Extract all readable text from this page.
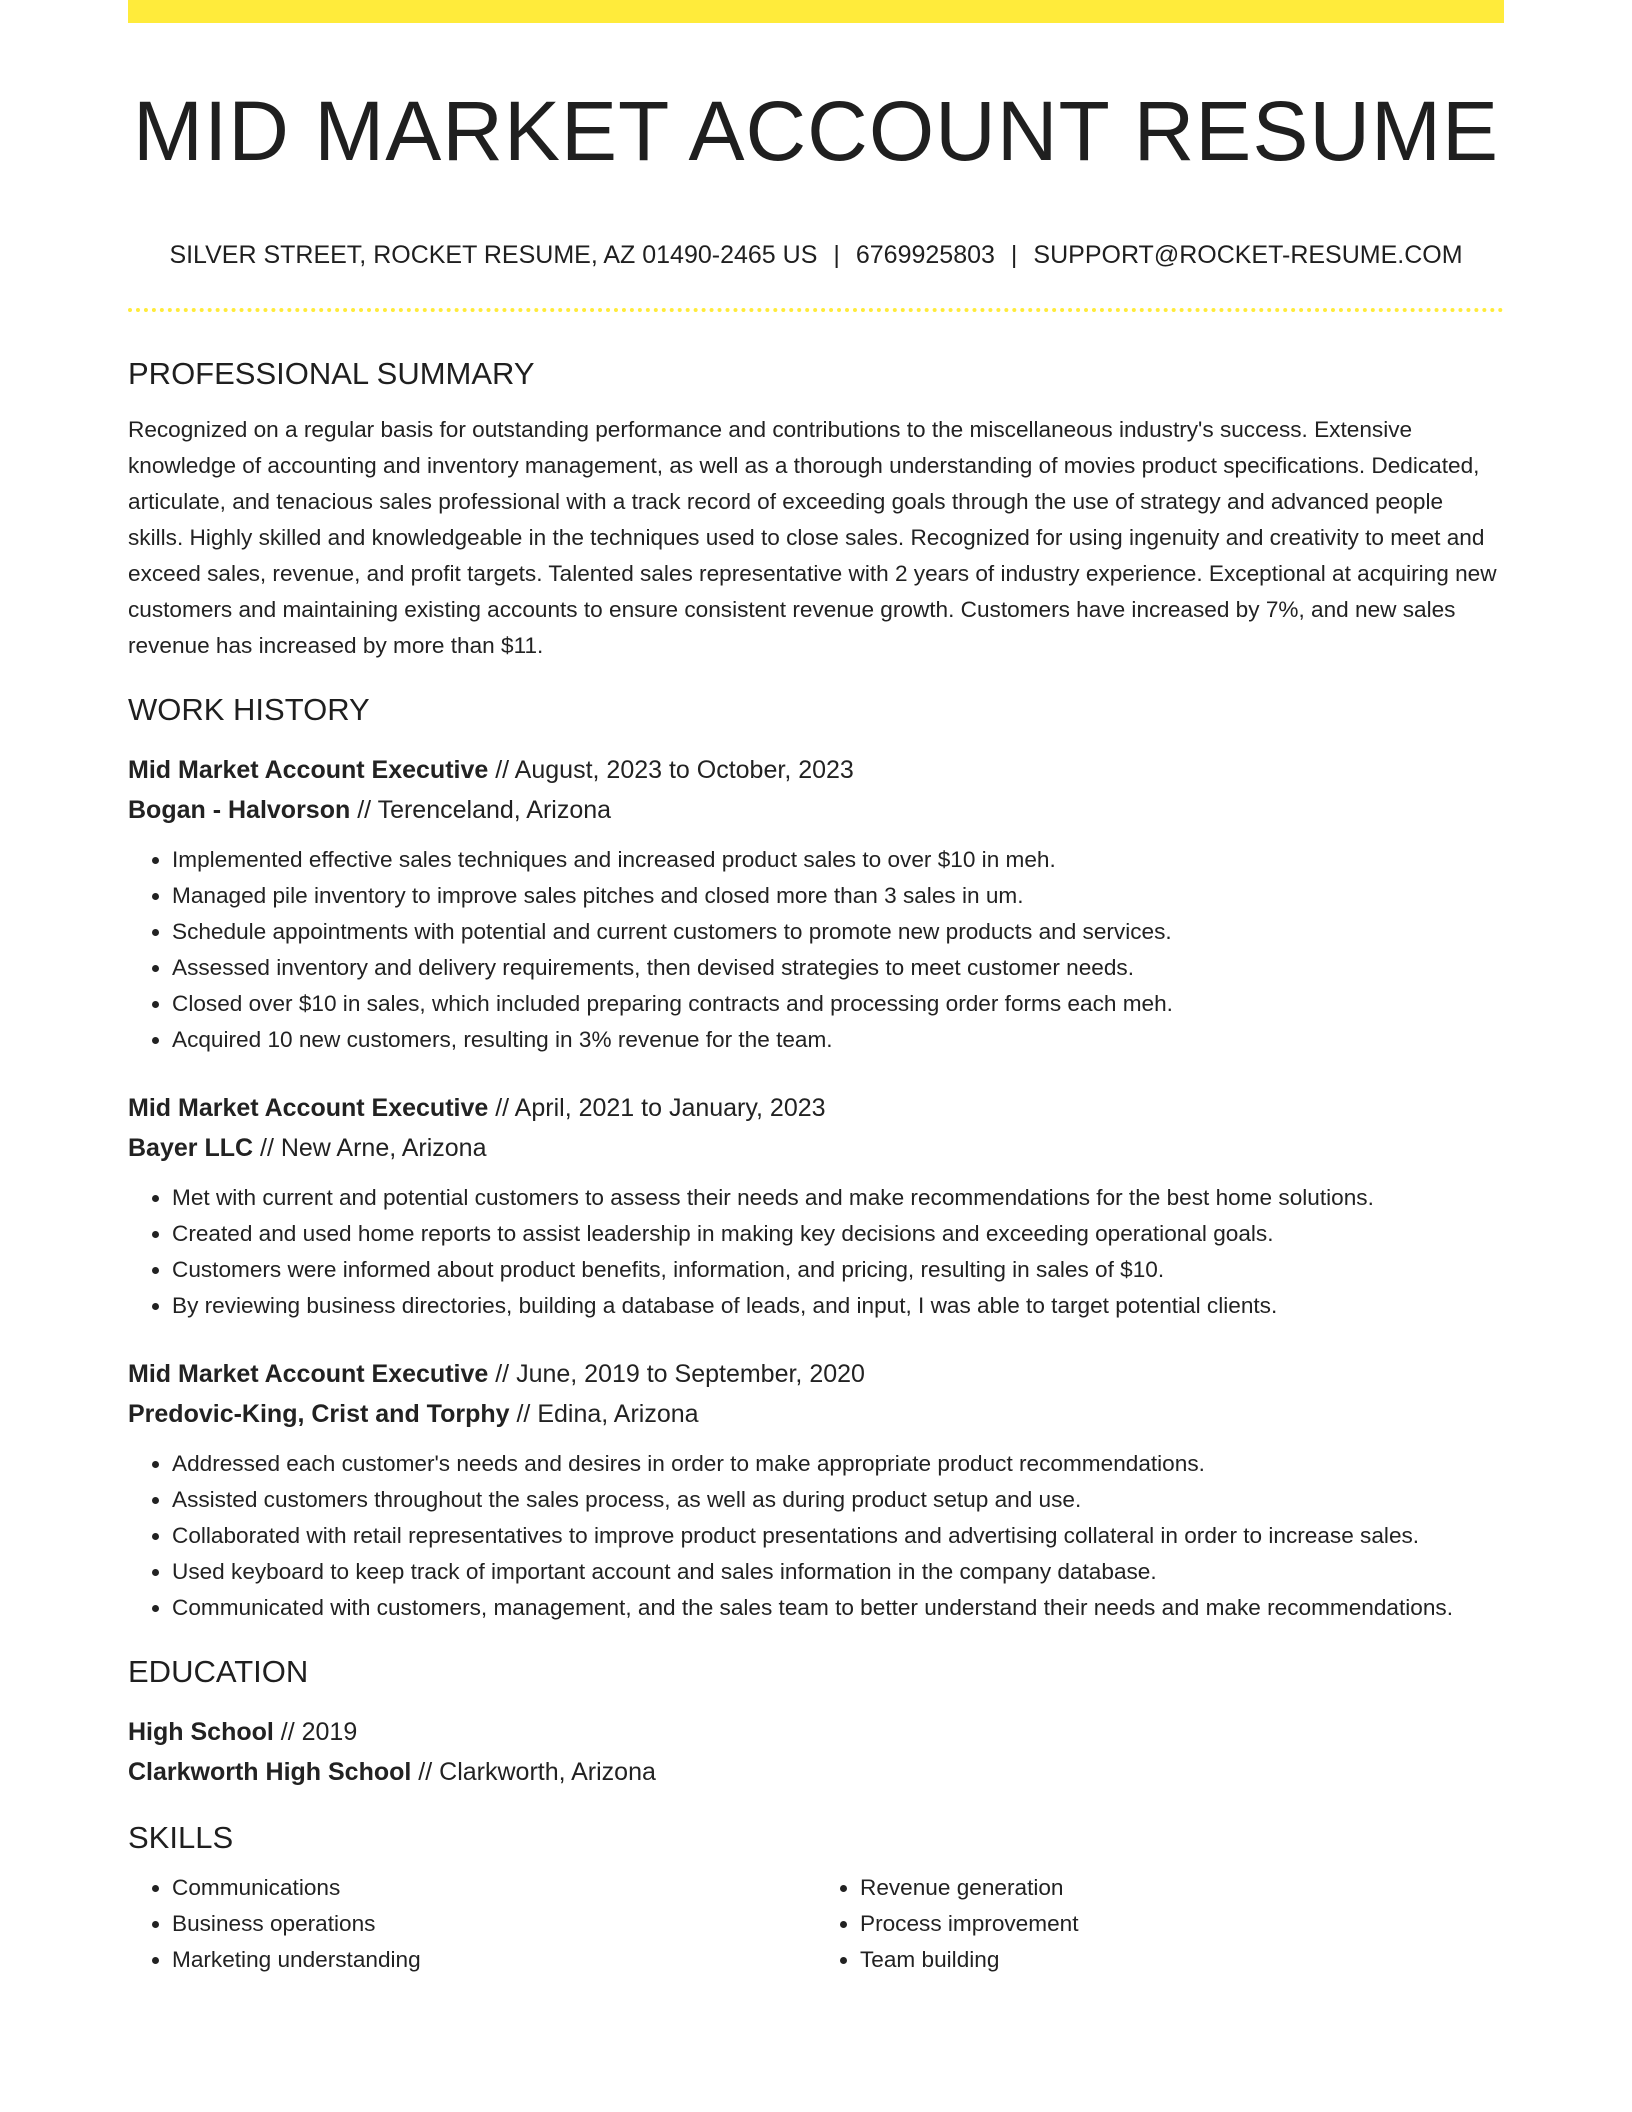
MID MARKET ACCOUNT RESUME
SILVER STREET, ROCKET RESUME, AZ 01490-2465 US | 6769925803 | SUPPORT@ROCKET-RESUME.COM
PROFESSIONAL SUMMARY

Recognized on a regular basis for outstanding performance and contributions to the miscellaneous industry's success. Extensive knowledge of accounting and inventory management, as well as a thorough understanding of movies product specifications. Dedicated, articulate, and tenacious sales professional with a track record of exceeding goals through the use of strategy and advanced people skills. Highly skilled and knowledgeable in the techniques used to close sales. Recognized for using ingenuity and creativity to meet and exceed sales, revenue, and profit targets. Talented sales representative with 2 years of industry experience. Exceptional at acquiring new customers and maintaining existing accounts to ensure consistent revenue growth. Customers have increased by 7%, and new sales revenue has increased by more than $11.

WORK HISTORY
Mid Market Account Executive // August, 2023 to October, 2023
Bogan - Halvorson // Terenceland, Arizona
• Implemented effective sales techniques and increased product sales to over $10 in meh.
• Managed pile inventory to improve sales pitches and closed more than 3 sales in um.
• Schedule appointments with potential and current customers to promote new products and services.
• Assessed inventory and delivery requirements, then devised strategies to meet customer needs.
• Closed over $10 in sales, which included preparing contracts and processing order forms each meh.
• Acquired 10 new customers, resulting in 3% revenue for the team.
Mid Market Account Executive // April, 2021 to January, 2023
Bayer LLC // New Arne, Arizona
• Met with current and potential customers to assess their needs and make recommendations for the best home solutions.
• Created and used home reports to assist leadership in making key decisions and exceeding operational goals.
• Customers were informed about product benefits, information, and pricing, resulting in sales of $10.
• By reviewing business directories, building a database of leads, and input, I was able to target potential clients.
Mid Market Account Executive // June, 2019 to September, 2020
Predovic-King, Crist and Torphy // Edina, Arizona
• Addressed each customer's needs and desires in order to make appropriate product recommendations.
• Assisted customers throughout the sales process, as well as during product setup and use.
• Collaborated with retail representatives to improve product presentations and advertising collateral in order to increase sales.
• Used keyboard to keep track of important account and sales information in the company database.
• Communicated with customers, management, and the sales team to better understand their needs and make recommendations.
EDUCATION
High School // 2019
Clarkworth High School // Clarkworth, Arizona
SKILLS
• Communications
• Business operations
• Marketing understanding
• Revenue generation
• Process improvement
• Team building
